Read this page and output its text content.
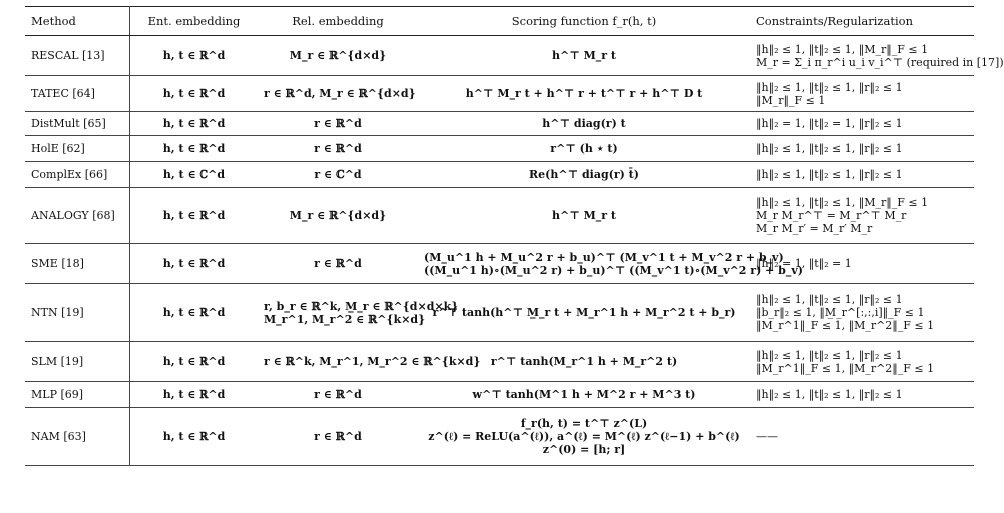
Method	Ent. embedding	Rel. embedding	Scoring function f_r(h, t)	Constraints/Regularization
RESCAL [13]	h, t ∈ ℝ^d	M_r ∈ ℝ^{d×d}	h^⊤ M_r t	‖h‖₂ ≤ 1, ‖t‖₂ ≤ 1, ‖M_r‖_F ≤ 1
M_r = Σ_i π_r^i u_i v_i^⊤ (required in [17])

TATEC [64]	h, t ∈ ℝ^d	r ∈ ℝ^d, M_r ∈ ℝ^{d×d}	h^⊤ M_r t + h^⊤ r + t^⊤ r + h^⊤ D t	‖h‖₂ ≤ 1, ‖t‖₂ ≤ 1, ‖r‖₂ ≤ 1
‖M_r‖_F ≤ 1

DistMult [65]	h, t ∈ ℝ^d	r ∈ ℝ^d	h^⊤ diag(r) t	‖h‖₂ = 1, ‖t‖₂ = 1, ‖r‖₂ ≤ 1

HolE [62]	h, t ∈ ℝ^d	r ∈ ℝ^d	r^⊤ (h ⋆ t)	‖h‖₂ ≤ 1, ‖t‖₂ ≤ 1, ‖r‖₂ ≤ 1

ComplEx [66]	h, t ∈ ℂ^d	r ∈ ℂ^d	Re(h^⊤ diag(r) t̄)	‖h‖₂ ≤ 1, ‖t‖₂ ≤ 1, ‖r‖₂ ≤ 1

ANALOGY [68]	h, t ∈ ℝ^d	M_r ∈ ℝ^{d×d}	h^⊤ M_r t	‖h‖₂ ≤ 1, ‖t‖₂ ≤ 1, ‖M_r‖_F ≤ 1
M_r M_r^⊤ = M_r^⊤ M_r
M_r M_r′ = M_r′ M_r

SME [18]	h, t ∈ ℝ^d	r ∈ ℝ^d	(M_u^1 h + M_u^2 r + b_u)^⊤ (M_v^1 t + M_v^2 r + b_v)
((M_u^1 h)∘(M_u^2 r) + b_u)^⊤ ((M_v^1 t)∘(M_v^2 r) + b_v)	‖h‖₂ = 1, ‖t‖₂ = 1

NTN [19]	h, t ∈ ℝ^d	r, b_r ∈ ℝ^k, M̲_r ∈ ℝ^{d×d×k}
M_r^1, M_r^2 ∈ ℝ^{k×d}	r^⊤ tanh(h^⊤ M̲_r t + M_r^1 h + M_r^2 t + b_r)	‖h‖₂ ≤ 1, ‖t‖₂ ≤ 1, ‖r‖₂ ≤ 1
‖b_r‖₂ ≤ 1, ‖M̲_r^[:,:,i]‖_F ≤ 1
‖M_r^1‖_F ≤ 1, ‖M_r^2‖_F ≤ 1

SLM [19]	h, t ∈ ℝ^d	r ∈ ℝ^k, M_r^1, M_r^2 ∈ ℝ^{k×d}	r^⊤ tanh(M_r^1 h + M_r^2 t)	‖h‖₂ ≤ 1, ‖t‖₂ ≤ 1, ‖r‖₂ ≤ 1
‖M_r^1‖_F ≤ 1, ‖M_r^2‖_F ≤ 1

MLP [69]	h, t ∈ ℝ^d	r ∈ ℝ^d	w^⊤ tanh(M^1 h + M^2 r + M^3 t)	‖h‖₂ ≤ 1, ‖t‖₂ ≤ 1, ‖r‖₂ ≤ 1

NAM [63]	h, t ∈ ℝ^d	r ∈ ℝ^d	f_r(h, t) = t^⊤ z^(L)
z^(ℓ) = ReLU(a^(ℓ)), a^(ℓ) = M^(ℓ) z^(ℓ−1) + b^(ℓ)
z^(0) = [h; r]	——
